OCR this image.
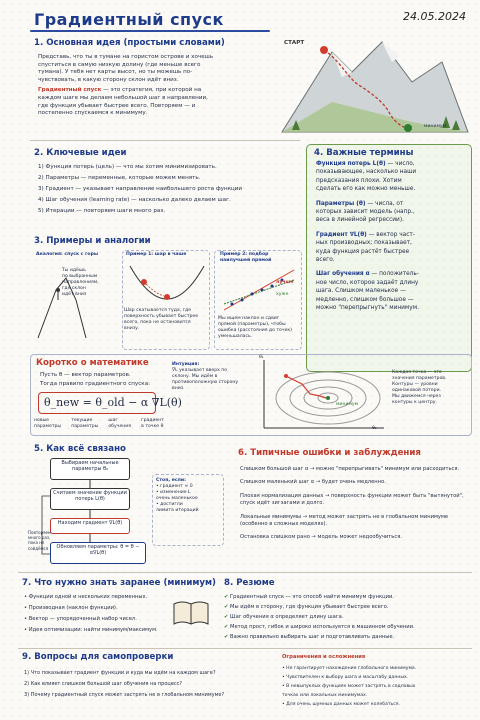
Градиентный спуск	24.05.2024
1. Основная идея (простыми словами)
Представь, что ты в тумане на гористом острове и хочешь
спуститься в самую низкую долину (где меньше всего
тумана). У тебя нет карты высот, но ты можешь по-
чувствовать, в какую сторону склон идёт вниз.
Градиентный спуск — это стратегия, при которой на
каждом шаге мы делаем небольшой шаг в направлении,
где функция убывает быстрее всего. Повторяем — и
постепенно спускаемся к минимуму.
СТАРТ
минимум
2. Ключевые идеи
1) Функция потерь (цель) — что мы хотим минимизировать.
2) Параметры — переменные, которые можем менять.
3) Градиент — указывает направление наибольшего роста функции
4) Шаг обучения (learning rate) — насколько далеко делаем шаг.
5) Итерации — повторяем шаги много раз.
4. Важные термины
Функция потерь L(θ) — число,
показывающее, насколько наши
предсказания плохи. Хотим
сделать его как можно меньше.
Параметры (θ) — числа, от
которых зависит модель (напр.,
веса в линейной регрессии).
Градиент ∇L(θ) — вектор част-
ных производных; показывает,
куда функция растёт быстрее
всего.
Шаг обучения α — положитель-
ное число, которое задаёт длину
шага. Слишком маленькое —
медленно, слишком большое —
можно "перепрыгнуть" минимум.
3. Примеры и аналогии
Аналогия: спуск с горы
Ты идёшь
по выбранным
направлениям,
где склон
идёт вниз
Пример 1: шар в чаше
Шар скатывается туда, где
поверхность убывает быстрее
всего, пока не остановится
внизу.
Пример 2: подбор
наилучшей прямой
лучше
хуже
Мы ищем наклон и сдвиг
прямой (параметры), чтобы
ошибка (расстояния до точек)
уменьшалась.
Коротко о математике
Пусть θ — вектор параметров.
Тогда правило градиентного спуска:
θ_new = θ_old − α ∇L(θ)
новые
параметры
текущие
параметры
шаг
обучения
градиент
в точке θ
Интуиция:
∇L указывает вверх по
склону. Мы идём в
противоположную сторону
вниз.
θ₁
θ₂
минимум
Каждая точка — это
значения параметров.
Контуры — уровни
одинаковой потери.
Мы движемся через
контуры к центру.
5. Как всё связано
Выбираем начальные параметры θ₀
Считаем значение функции потерь L(θ)
Находим градиент ∇L(θ)
Обновляем параметры: θ = θ − α∇L(θ)
Повторяем
много раз,
пока не
сойдёмся
Стоп, если:
• градиент ≈ 0
• изменение L
очень маленькое
• достигли
лимита итераций
6. Типичные ошибки и заблуждения
Слишком большой шаг α → можно "перепрыгивать" минимум или расходиться.
Слишком маленький шаг α → будет очень медленно.
Плохая нормализация данных → поверхность функции может быть "вытянутой", спуск идёт зигзагами и долго.
Локальные минимумы → метод может застрять не в глобальном минимуме (особенно в сложных моделях).
Остановка слишком рано → модель может недообучиться.
7. Что нужно знать заранее (минимум)
• Функции одной и нескольких переменных.
• Производная (наклон функции).
• Вектор — упорядоченный набор чисел.
• Идея оптимизации: найти минимум/максимум.
8. Резюме
✔ Градиентный спуск — это способ найти минимум функции.
✔ Мы идём в сторону, где функция убывает быстрее всего.
✔ Шаг обучения α определяет длину шага.
✔ Метод прост, гибок и широко используется в машинном обучении.
✔ Важно правильно выбирать шаг и подготавливать данные.
9. Вопросы для самопроверки
1) Что показывает градиент функции и куда мы идём на каждом шаге?
2) Как влияет слишком большой шаг обучения на процесс?
3) Почему градиентный спуск может застрять не в глобальном минимуме?
Ограничения и осложнения
• Не гарантирует нахождение глобального минимума.
• Чувствителен к выбору шага и масштабу данных.
• В невыпуклых функциях может застрять в седловых
точках или локальных минимумах.
• Для очень шумных данных может колебаться.
